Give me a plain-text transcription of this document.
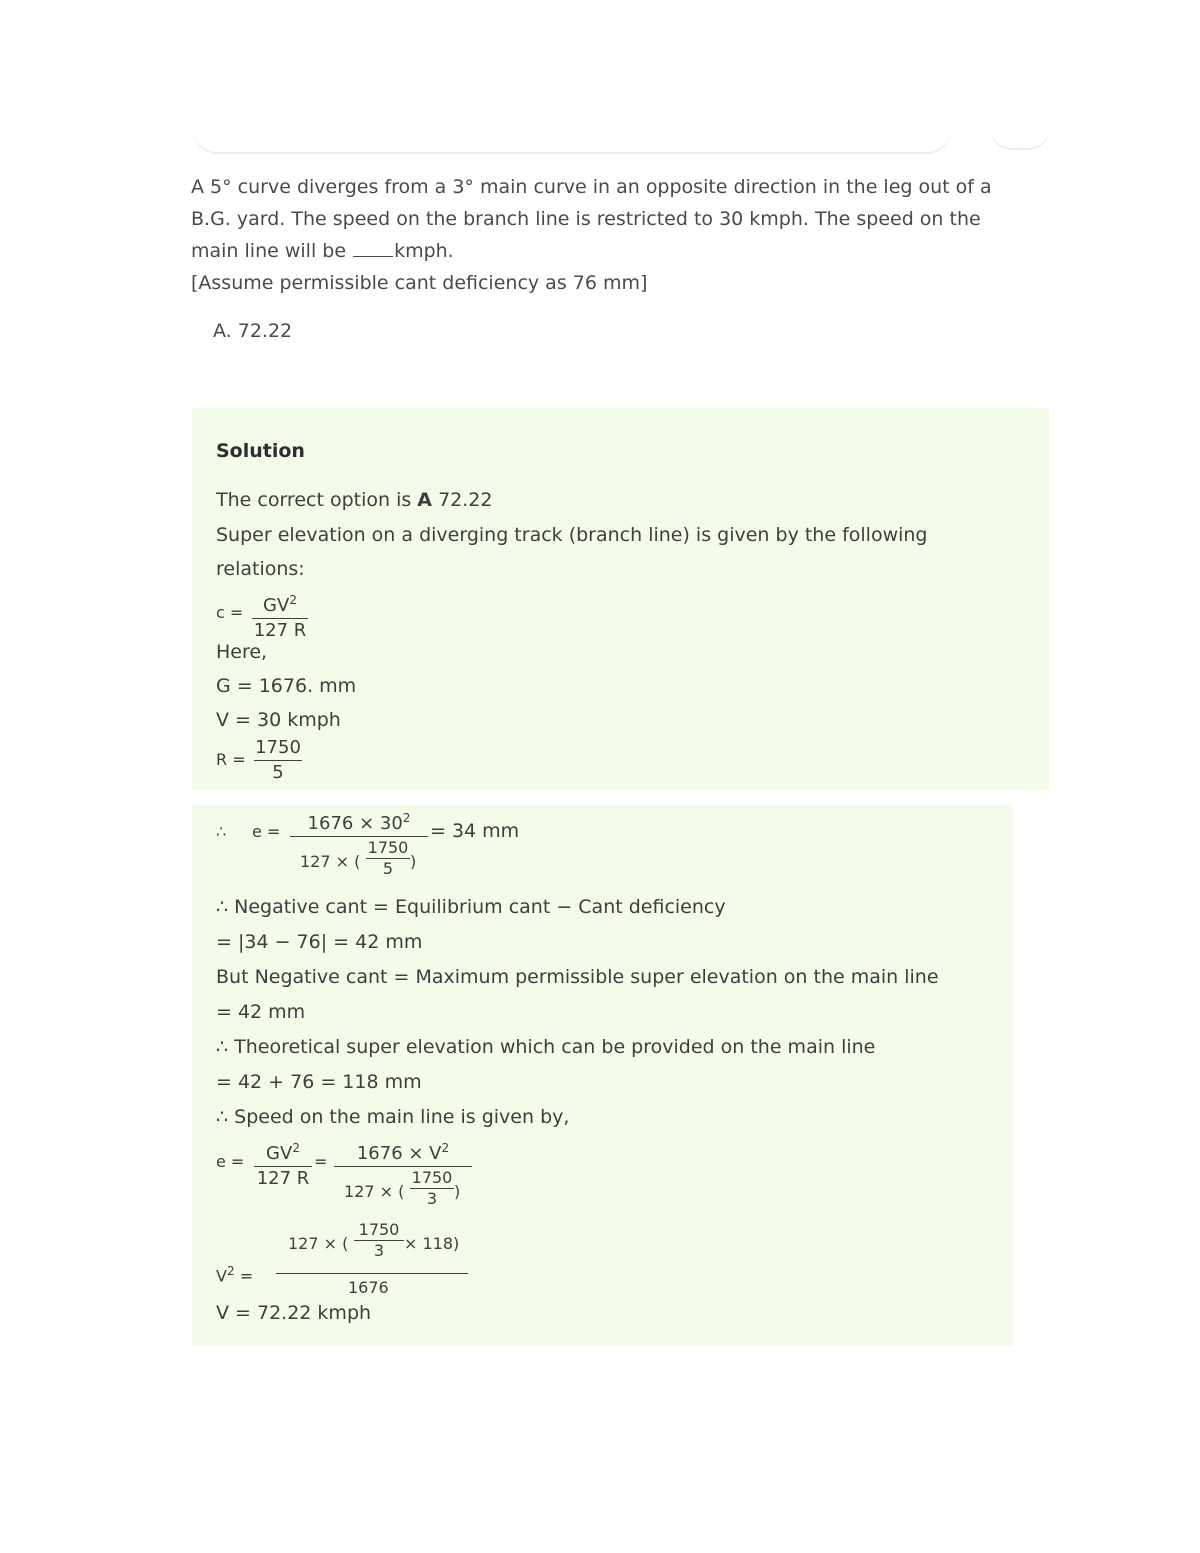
A 5° curve diverges from a 3° main curve in an opposite direction in the leg out of a
B.G. yard. The speed on the branch line is restricted to 30 kmph. The speed on the
main line will be	kmph.
[Assume permissible cant deficiency as 76 mm]
A. 72.22
Solution
The correct option is A 72.22
Super elevation on a diverging track (branch line) is given by the following
relations:
c =	$GV^2$
127 R
Here,
G = 1676. mm
V = 30 kmph
R =
1750
5
∴ e =	$1676 \times 30^2$
127 × (
1750
5	)
= 34 mm
∴ Negative cant = Equilibrium cant − Cant deficiency
= |34 − 76| = 42 mm
But Negative cant = Maximum permissible super elevation on the main line
= 42 mm
∴ Theoretical super elevation which can be provided on the main line
= 42 + 76 = 118 mm
∴ Speed on the main line is given by,
e =	$GV^2$
127 R
=	$1676 \times V^2$
127 × (
1750
3	)
$V^2$ =
127 × (
1750
3	× 118)
1676
V = 72.22 kmph
